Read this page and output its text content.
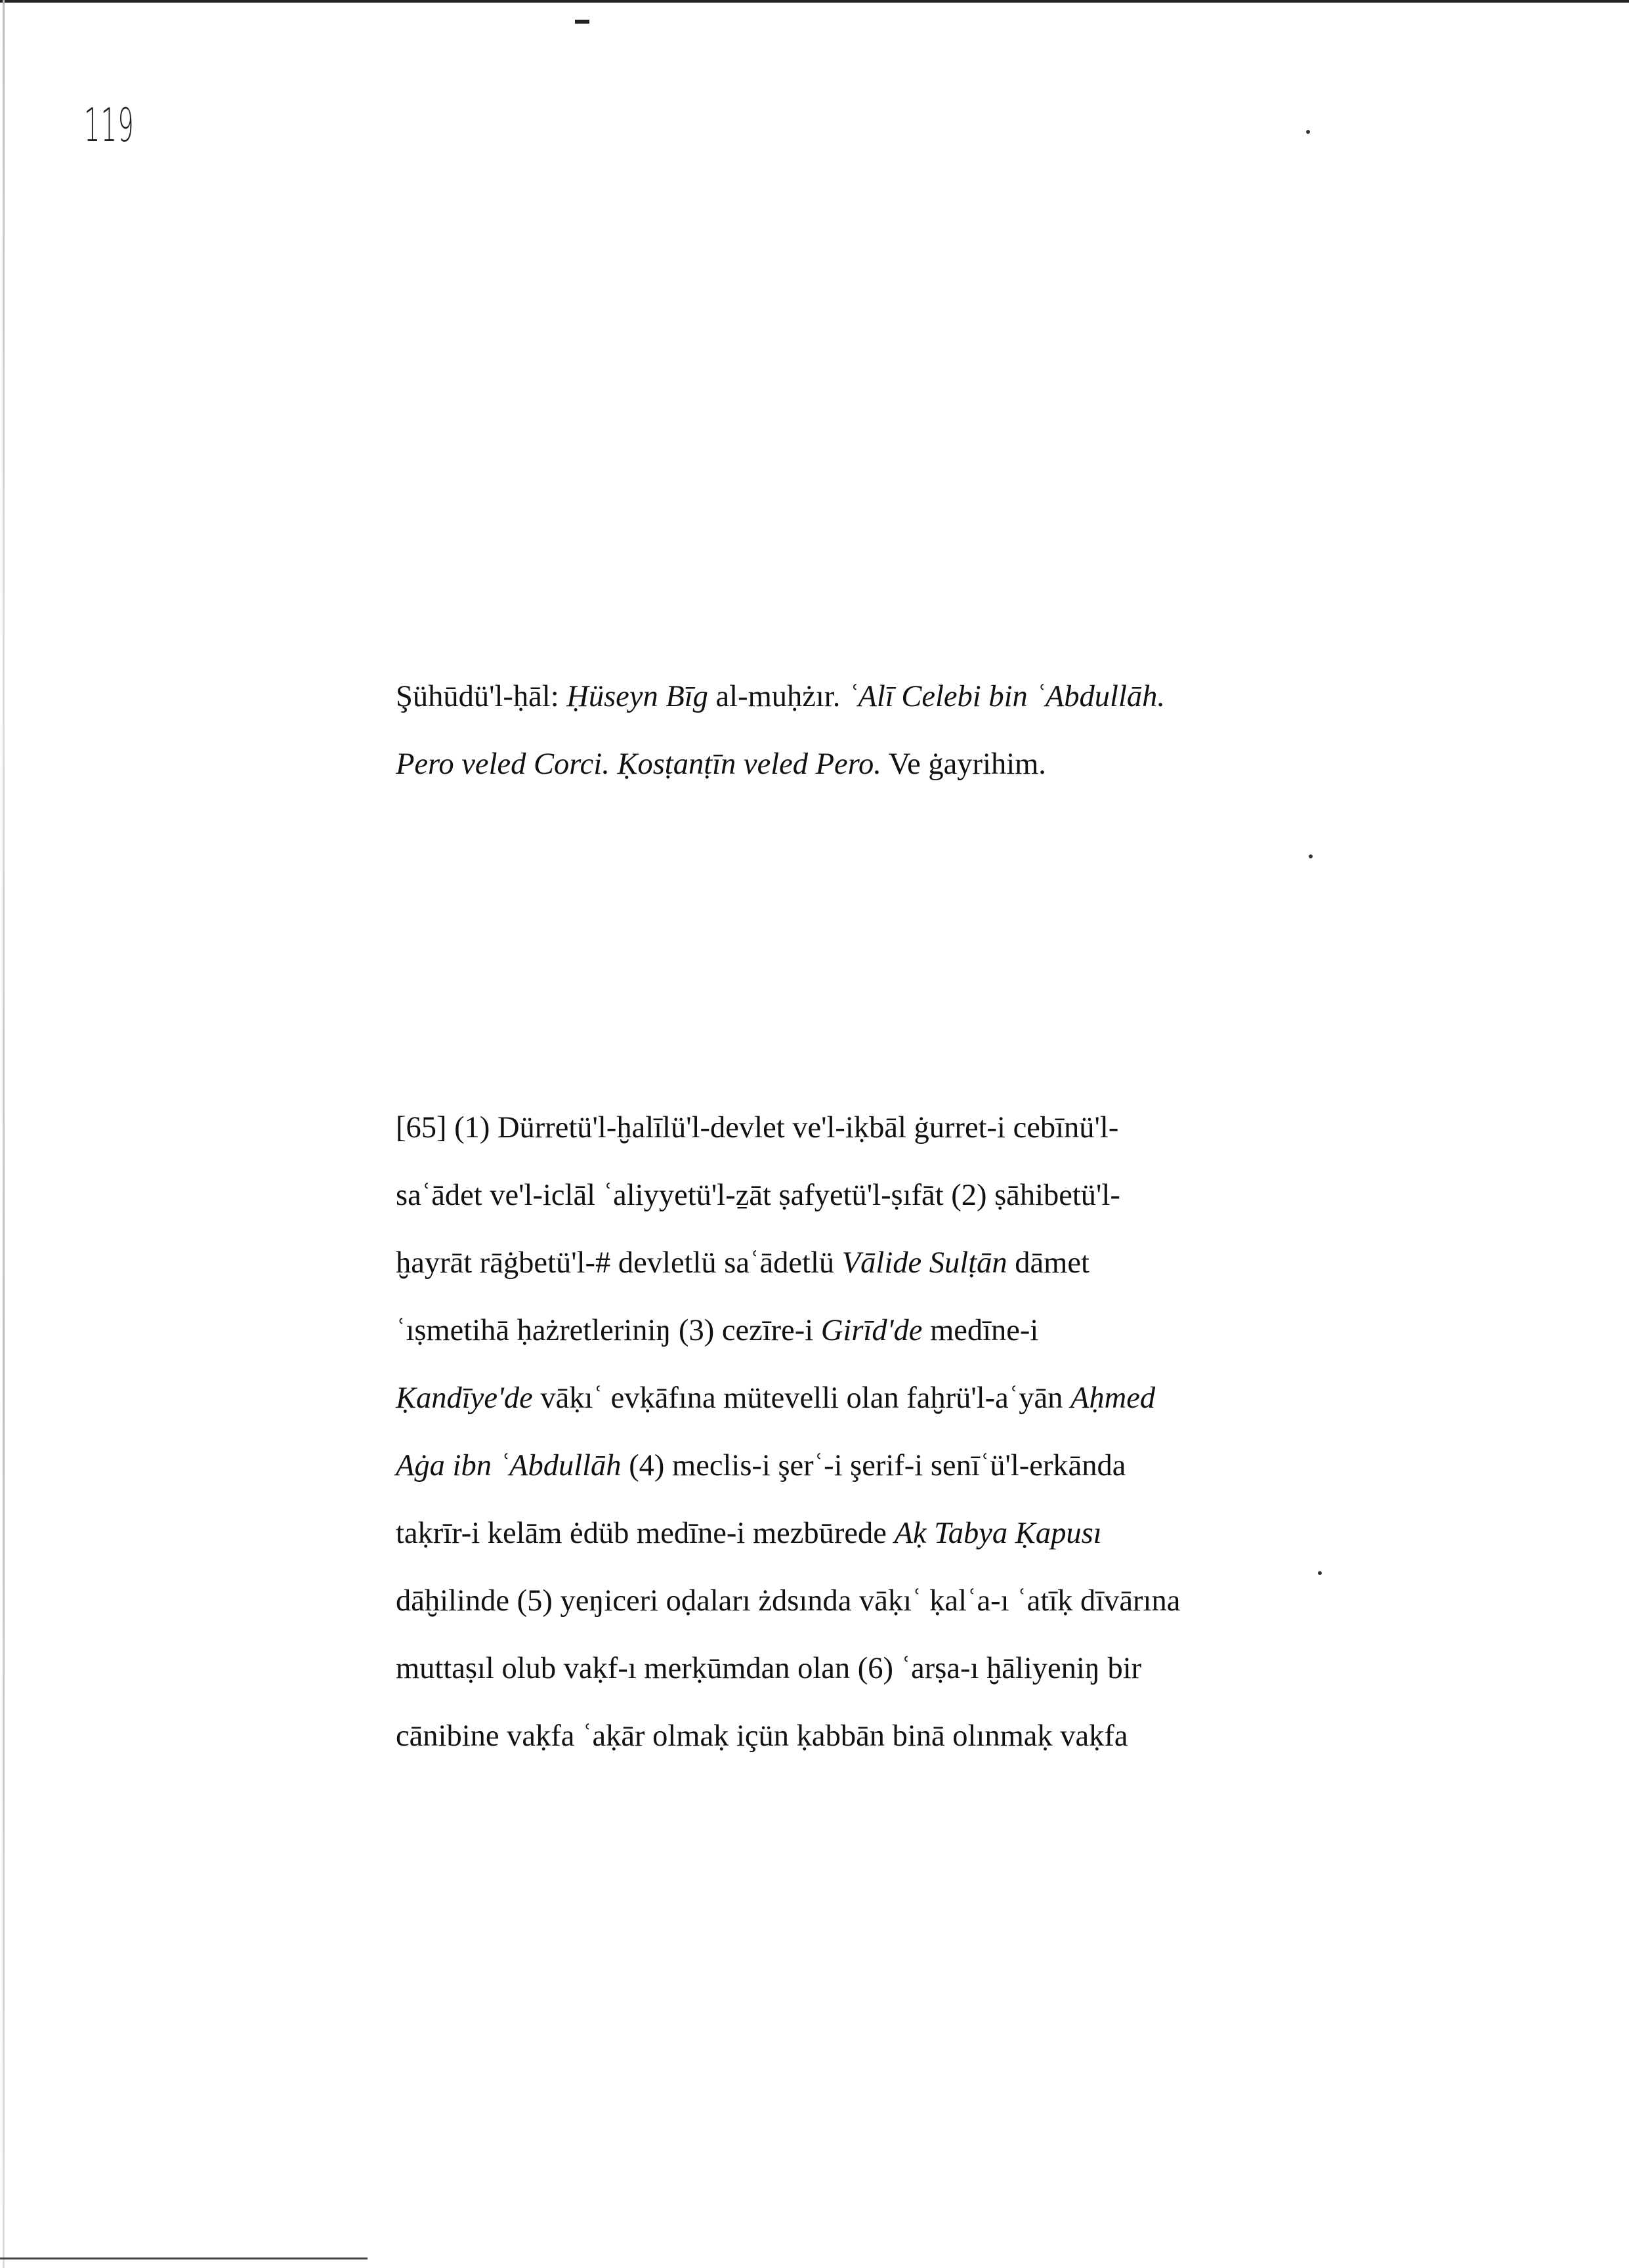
119
Şühūdü'l-ḥāl: Ḥüseyn Bīg al-muḥżır. ʿAlī Celebi bin ʿAbdullāh.
Pero veled Corci. Ḳosṭanṭīn veled Pero. Ve ġayrihim.
[65] (1) Dürretü'l-ḫalīlü'l-devlet ve'l-iḳbāl ġurret-i cebīnü'l-
saʿādet ve'l-iclāl ʿaliyyetü'l-ẕāt ṣafyetü'l-ṣıfāt (2) ṣāhibetü'l-
ḫayrāt rāġbetü'l-# devletlü saʿādetlü Vālide Sulṭān dāmet
ʿıṣmetihā ḥażretleriniŋ (3) cezīre-i Girīd'de medīne-i
Ḳandīye'de vāḳıʿ evḳāfına mütevelli olan faḫrü'l-aʿyān Aḥmed
Aġa ibn ʿAbdullāh (4) meclis-i şerʿ-i şerif-i senīʿü'l-erkānda
taḳrīr-i kelām ėdüb medīne-i mezbūrede Aḳ Tabya Ḳapusı
dāḫilinde (5) yeŋiceri oḍaları żdsında vāḳıʿ ḳalʿa-ı ʿatīḳ dīvārına
muttaṣıl olub vaḳf-ı merḳūmdan olan (6) ʿarṣa-ı ḫāliyeniŋ bir
cānibine vaḳfa ʿaḳār olmaḳ içün ḳabbān binā olınmaḳ vaḳfa
